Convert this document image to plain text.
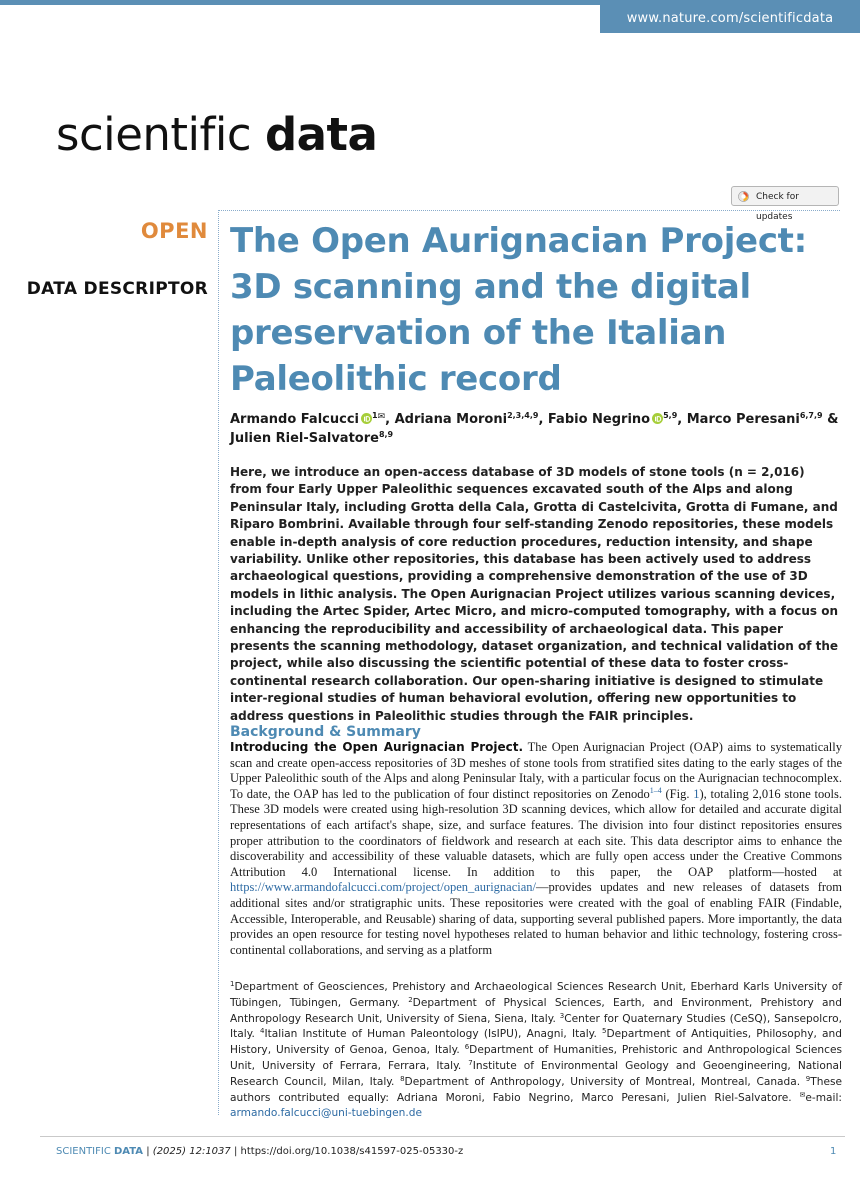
www.nature.com/scientificdata
scientific data
Check for updates
OPEN
DATA DESCRIPTOR
The Open Aurignacian Project: 3D scanning and the digital preservation of the Italian Paleolithic record
Armando Falcucci $^{1✉}$, Adriana Moroni$^{2,3,4,9}$, Fabio Negrino $^{5,9}$, Marco Peresani$^{6,7,9}$ & Julien Riel-Salvatore$^{8,9}$
Here, we introduce an open-access database of 3D models of stone tools (n = 2,016) from four Early Upper Paleolithic sequences excavated south of the Alps and along Peninsular Italy, including Grotta della Cala, Grotta di Castelcivita, Grotta di Fumane, and Riparo Bombrini. Available through four self-standing Zenodo repositories, these models enable in-depth analysis of core reduction procedures, reduction intensity, and shape variability. Unlike other repositories, this database has been actively used to address archaeological questions, providing a comprehensive demonstration of the use of 3D models in lithic analysis. The Open Aurignacian Project utilizes various scanning devices, including the Artec Spider, Artec Micro, and micro-computed tomography, with a focus on enhancing the reproducibility and accessibility of archaeological data. This paper presents the scanning methodology, dataset organization, and technical validation of the project, while also discussing the scientific potential of these data to foster cross-continental research collaboration. Our open-sharing initiative is designed to stimulate inter-regional studies of human behavioral evolution, offering new opportunities to address questions in Paleolithic studies through the FAIR principles.
Background & Summary

Introducing the Open Aurignacian Project. The Open Aurignacian Project (OAP) aims to systematically scan and create open-access repositories of 3D meshes of stone tools from stratified sites dating to the early stages of the Upper Paleolithic south of the Alps and along Peninsular Italy, with a particular focus on the Aurignacian technocomplex. To date, the OAP has led to the publication of four distinct repositories on Zenodo$^{1-4}$ (Fig. 1), totaling 2,016 stone tools. These 3D models were created using high-resolution 3D scanning devices, which allow for detailed and accurate digital representations of each artifact's shape, size, and surface features. The division into four distinct repositories ensures proper attribution to the coordinators of fieldwork and research at each site. This data descriptor aims to enhance the discoverability and accessibility of these valuable datasets, which are fully open access under the Creative Commons Attribution 4.0 International license. In addition to this paper, the OAP platform—hosted at https://www.armandofalcucci.com/project/open_aurignacian/—provides updates and new releases of datasets from additional sites and/or stratigraphic units. These repositories were created with the goal of enabling FAIR (Findable, Accessible, Interoperable, and Reusable) sharing of data, supporting several published papers. More importantly, the data provides an open resource for testing novel hypotheses related to human behavior and lithic technology, fostering cross-continental collaborations, and serving as a platform

$^1$Department of Geosciences, Prehistory and Archaeological Sciences Research Unit, Eberhard Karls University of Tübingen, Tübingen, Germany. $^2$Department of Physical Sciences, Earth, and Environment, Prehistory and Anthropology Research Unit, University of Siena, Siena, Italy. $^3$Center for Quaternary Studies (CeSQ), Sansepolcro, Italy. $^4$Italian Institute of Human Paleontology (IsIPU), Anagni, Italy. $^5$Department of Antiquities, Philosophy, and History, University of Genoa, Genoa, Italy. $^6$Department of Humanities, Prehistoric and Anthropological Sciences Unit, University of Ferrara, Ferrara, Italy. $^7$Institute of Environmental Geology and Geoengineering, National Research Council, Milan, Italy. $^8$Department of Anthropology, University of Montreal, Montreal, Canada. $^9$These authors contributed equally: Adriana Moroni, Fabio Negrino, Marco Peresani, Julien Riel-Salvatore. ✉e-mail: armando.falcucci@uni-tuebingen.de

SCIENTIFIC DATA | (2025) 12:1037 | https://doi.org/10.1038/s41597-025-05330-z	1
